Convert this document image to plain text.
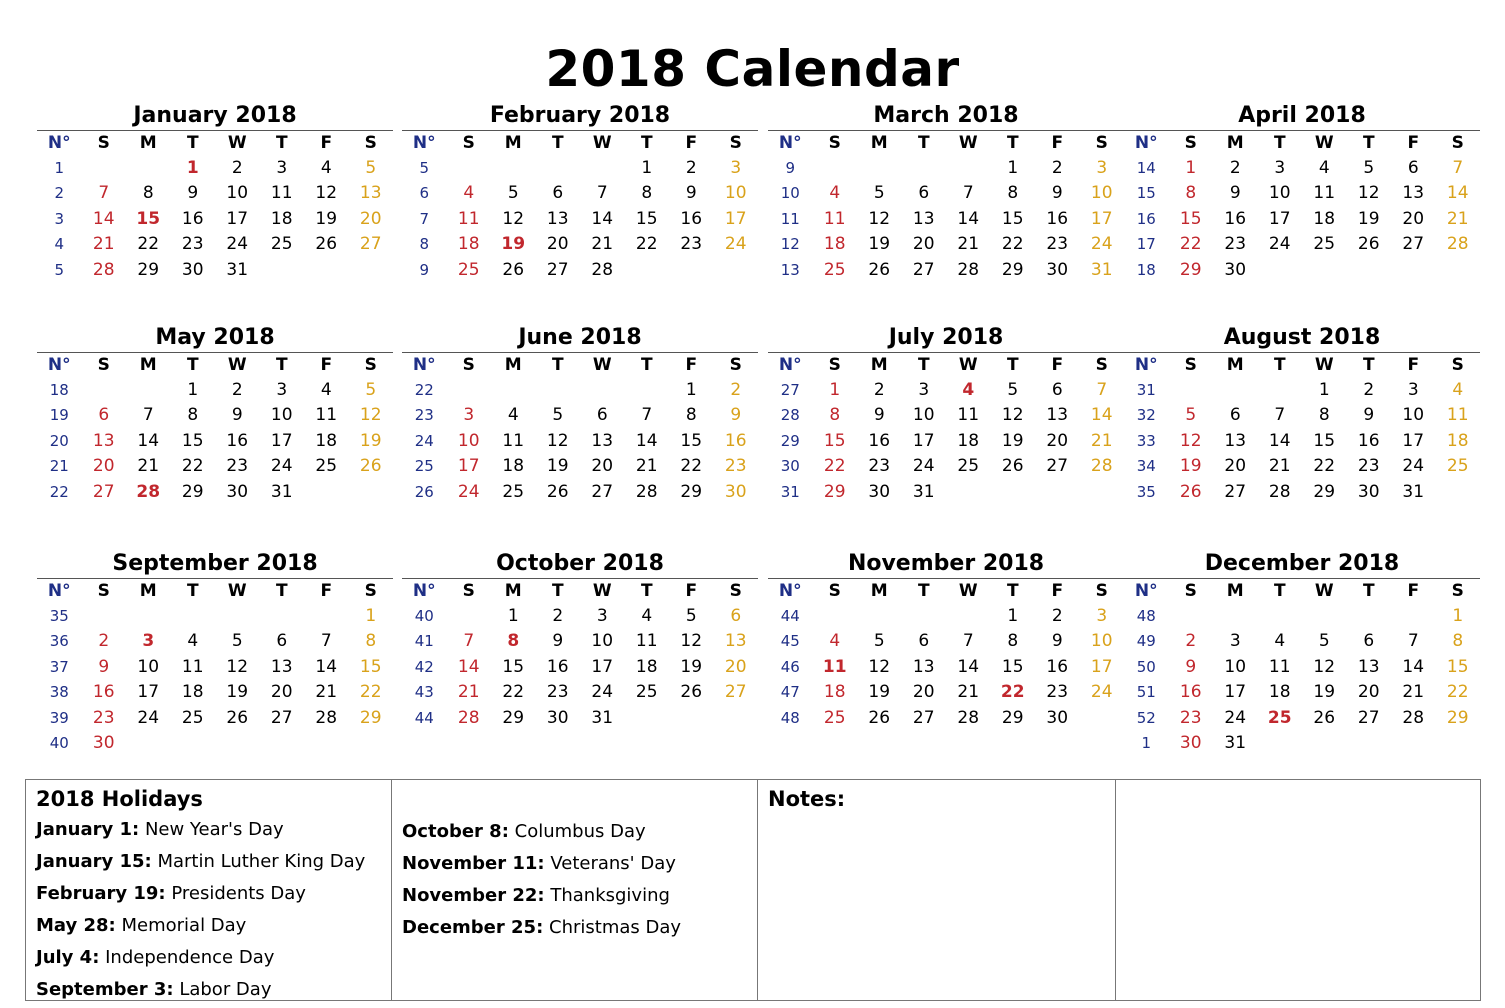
2018 Calendar
January 2018
N°	S	M	T	W	T	F	S
1			1	2	3	4	5
2	7	8	9	10	11	12	13
3	14	15	16	17	18	19	20
4	21	22	23	24	25	26	27
5	28	29	30	31			
February 2018
N°	S	M	T	W	T	F	S
5					1	2	3
6	4	5	6	7	8	9	10
7	11	12	13	14	15	16	17
8	18	19	20	21	22	23	24
9	25	26	27	28			
March 2018
N°	S	M	T	W	T	F	S
9					1	2	3
10	4	5	6	7	8	9	10
11	11	12	13	14	15	16	17
12	18	19	20	21	22	23	24
13	25	26	27	28	29	30	31
April 2018
N°	S	M	T	W	T	F	S
14	1	2	3	4	5	6	7
15	8	9	10	11	12	13	14
16	15	16	17	18	19	20	21
17	22	23	24	25	26	27	28
18	29	30					
May 2018
N°	S	M	T	W	T	F	S
18			1	2	3	4	5
19	6	7	8	9	10	11	12
20	13	14	15	16	17	18	19
21	20	21	22	23	24	25	26
22	27	28	29	30	31		
June 2018
N°	S	M	T	W	T	F	S
22						1	2
23	3	4	5	6	7	8	9
24	10	11	12	13	14	15	16
25	17	18	19	20	21	22	23
26	24	25	26	27	28	29	30
July 2018
N°	S	M	T	W	T	F	S
27	1	2	3	4	5	6	7
28	8	9	10	11	12	13	14
29	15	16	17	18	19	20	21
30	22	23	24	25	26	27	28
31	29	30	31				
August 2018
N°	S	M	T	W	T	F	S
31				1	2	3	4
32	5	6	7	8	9	10	11
33	12	13	14	15	16	17	18
34	19	20	21	22	23	24	25
35	26	27	28	29	30	31	
September 2018
N°	S	M	T	W	T	F	S
35							1
36	2	3	4	5	6	7	8
37	9	10	11	12	13	14	15
38	16	17	18	19	20	21	22
39	23	24	25	26	27	28	29
40	30						
October 2018
N°	S	M	T	W	T	F	S
40		1	2	3	4	5	6
41	7	8	9	10	11	12	13
42	14	15	16	17	18	19	20
43	21	22	23	24	25	26	27
44	28	29	30	31			
November 2018
N°	S	M	T	W	T	F	S
44					1	2	3
45	4	5	6	7	8	9	10
46	11	12	13	14	15	16	17
47	18	19	20	21	22	23	24
48	25	26	27	28	29	30	
December 2018
N°	S	M	T	W	T	F	S
48							1
49	2	3	4	5	6	7	8
50	9	10	11	12	13	14	15
51	16	17	18	19	20	21	22
52	23	24	25	26	27	28	29
1	30	31					
2018 Holidays
January 1: New Year's Day
January 15: Martin Luther King Day
February 19: Presidents Day
May 28: Memorial Day
July 4: Independence Day
September 3: Labor Day
October 8: Columbus Day
November 11: Veterans' Day
November 22: Thanksgiving
December 25: Christmas Day
Notes:
